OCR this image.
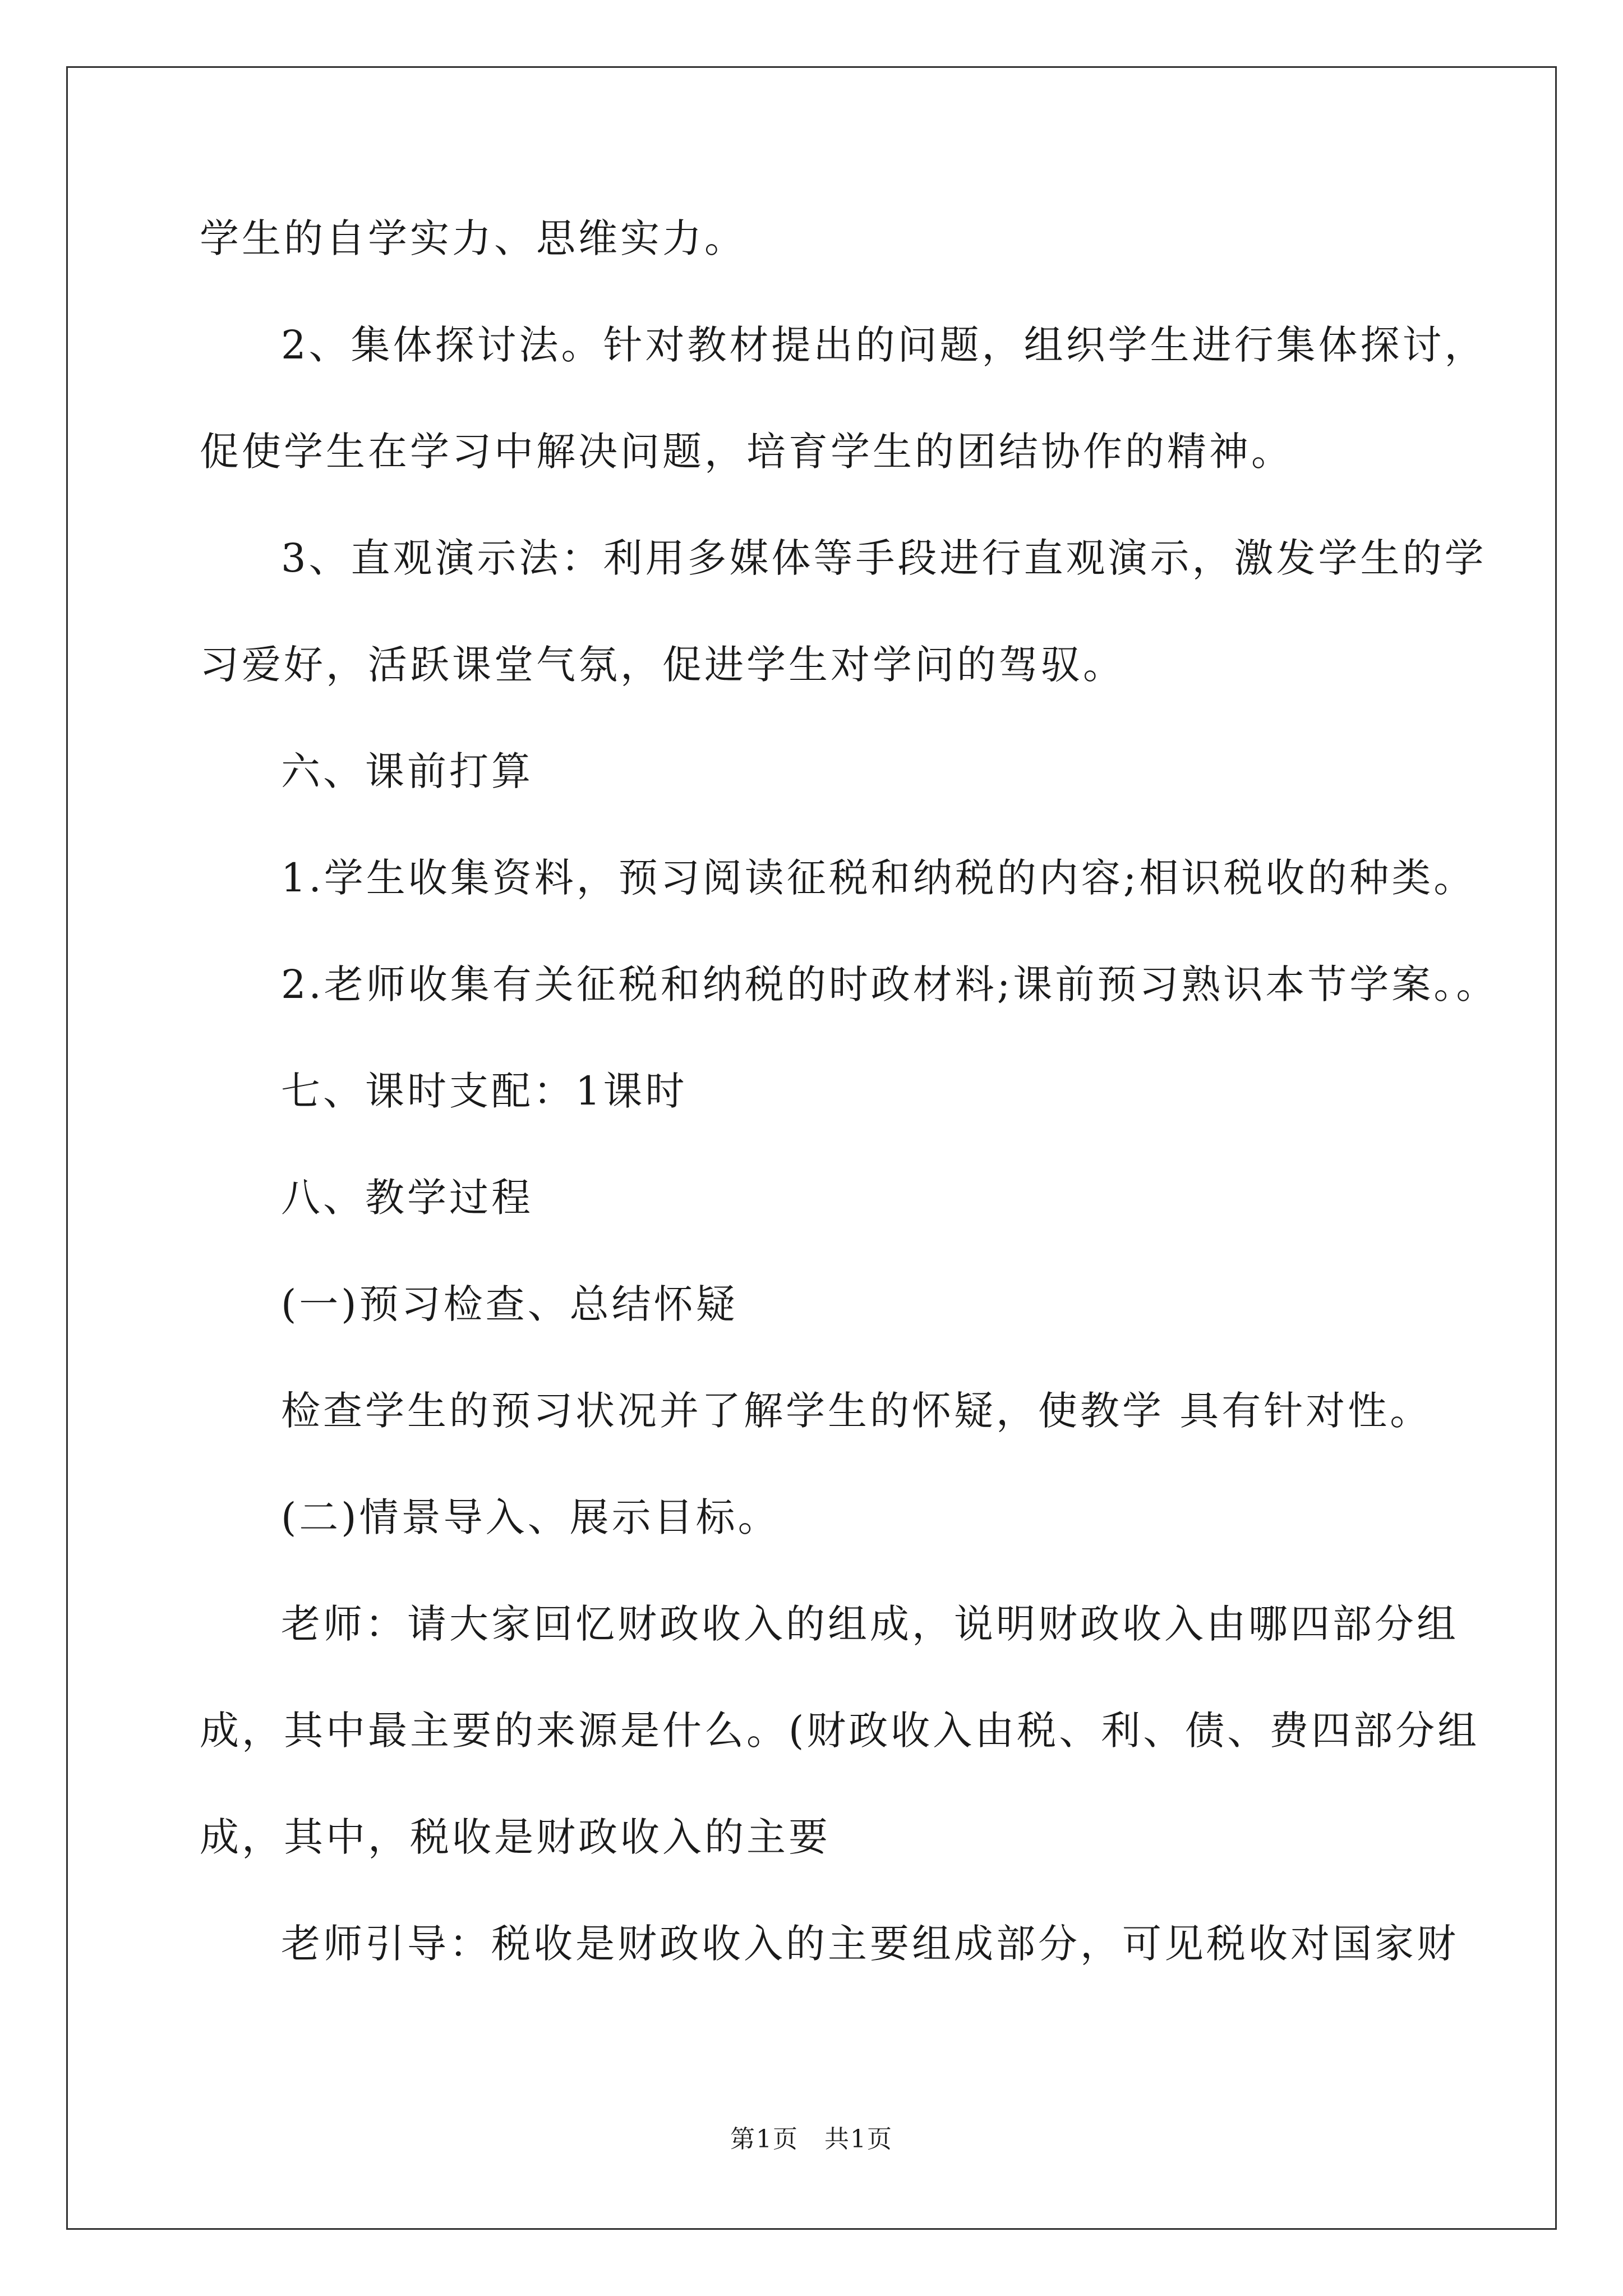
学生的自学实力、思维实力。
2、集体探讨法。针对教材提出的问题，组织学生进行集体探讨，
促使学生在学习中解决问题，培育学生的团结协作的精神。
3、直观演示法：利用多媒体等手段进行直观演示，激发学生的学
习爱好，活跃课堂气氛，促进学生对学问的驾驭。
六、课前打算
1.学生收集资料，预习阅读征税和纳税的内容;相识税收的种类。
2.老师收集有关征税和纳税的时政材料;课前预习熟识本节学案。。
七、课时支配：1课时
八、教学过程
(一)预习检查、总结怀疑
检查学生的预习状况并了解学生的怀疑，使教学 具有针对性。
(二)情景导入、展示目标。
老师：请大家回忆财政收入的组成，说明财政收入由哪四部分组
成，其中最主要的来源是什么。(财政收入由税、利、债、费四部分组
成，其中，税收是财政收入的主要
老师引导：税收是财政收入的主要组成部分，可见税收对国家财
第1页　共1页
